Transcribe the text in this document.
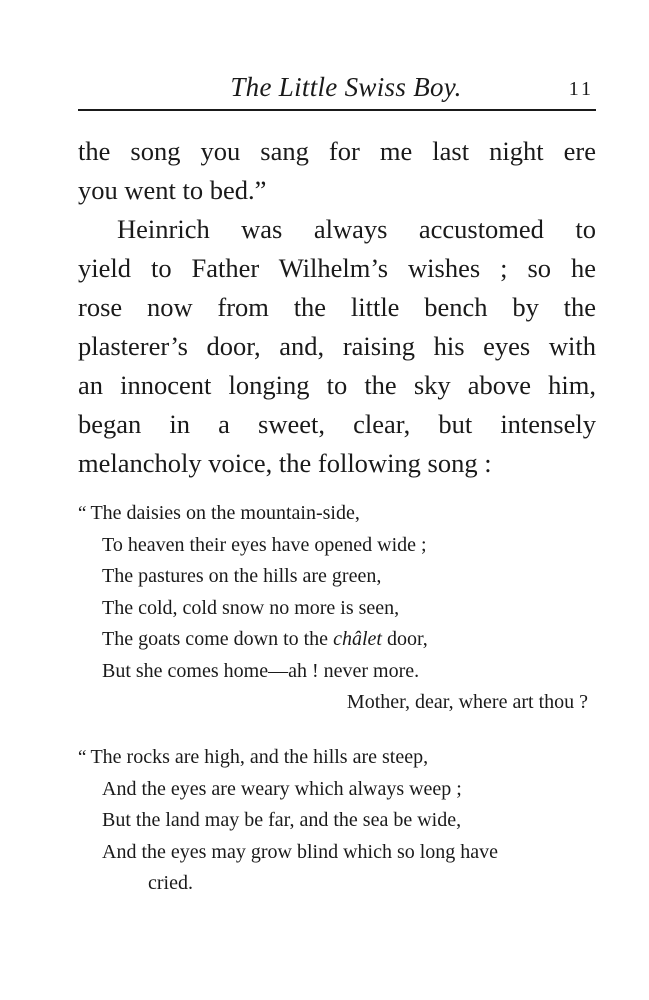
The Little Swiss Boy.	11
the song you sang for me last night ere
you went to bed.”
Heinrich was always accustomed to
yield to Father Wilhelm’s wishes ; so he
rose now from the little bench by the
plasterer’s door, and, raising his eyes with
an innocent longing to the sky above him,
began in a sweet, clear, but intensely
melancholy voice, the following song :
“ The daisies on the mountain-side,
To heaven their eyes have opened wide ;
The pastures on the hills are green,
The cold, cold snow no more is seen,
The goats come down to the châlet door,
But she comes home—ah ! never more.
Mother, dear, where art thou ?
“ The rocks are high, and the hills are steep,
And the eyes are weary which always weep ;
But the land may be far, and the sea be wide,
And the eyes may grow blind which so long have
cried.
